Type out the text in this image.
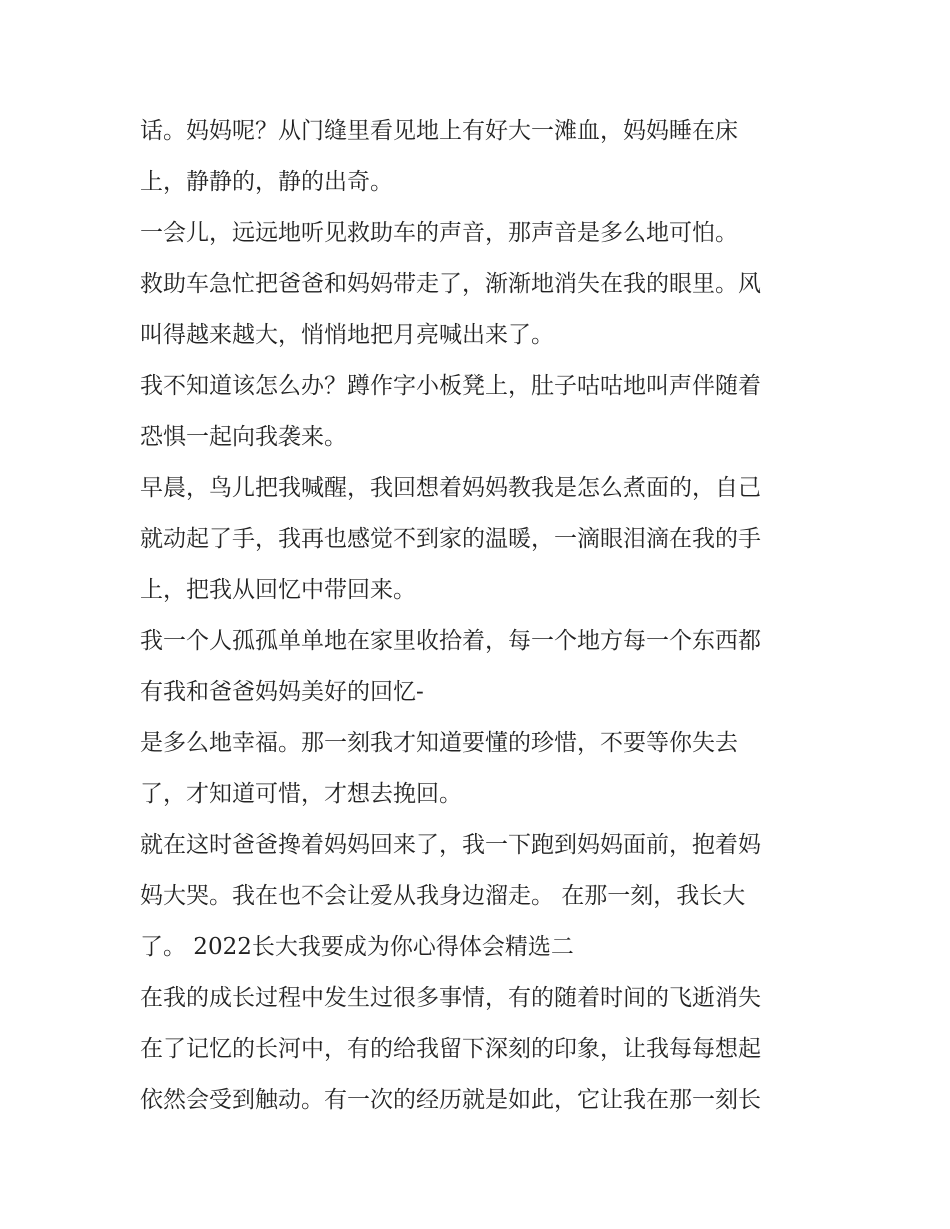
话。妈妈呢？从门缝里看见地上有好大一滩血，妈妈睡在床
上，静静的，静的出奇。
一会儿，远远地听见救助车的声音，那声音是多么地可怕。
救助车急忙把爸爸和妈妈带走了，渐渐地消失在我的眼里。风
叫得越来越大，悄悄地把月亮喊出来了。
我不知道该怎么办？蹲作字小板凳上，肚子咕咕地叫声伴随着
恐惧一起向我袭来。
早晨，鸟儿把我喊醒，我回想着妈妈教我是怎么煮面的，自己
就动起了手，我再也感觉不到家的温暖，一滴眼泪滴在我的手
上，把我从回忆中带回来。
我一个人孤孤单单地在家里收拾着，每一个地方每一个东西都
有我和爸爸妈妈美好的回忆-
是多么地幸福。那一刻我才知道要懂的珍惜，不要等你失去
了，才知道可惜，才想去挽回。
就在这时爸爸搀着妈妈回来了，我一下跑到妈妈面前，抱着妈
妈大哭。我在也不会让爱从我身边溜走。 在那一刻，我长大
了。 2022长大我要成为你心得体会精选二
在我的成长过程中发生过很多事情，有的随着时间的飞逝消失
在了记忆的长河中，有的给我留下深刻的印象，让我每每想起
依然会受到触动。有一次的经历就是如此，它让我在那一刻长
